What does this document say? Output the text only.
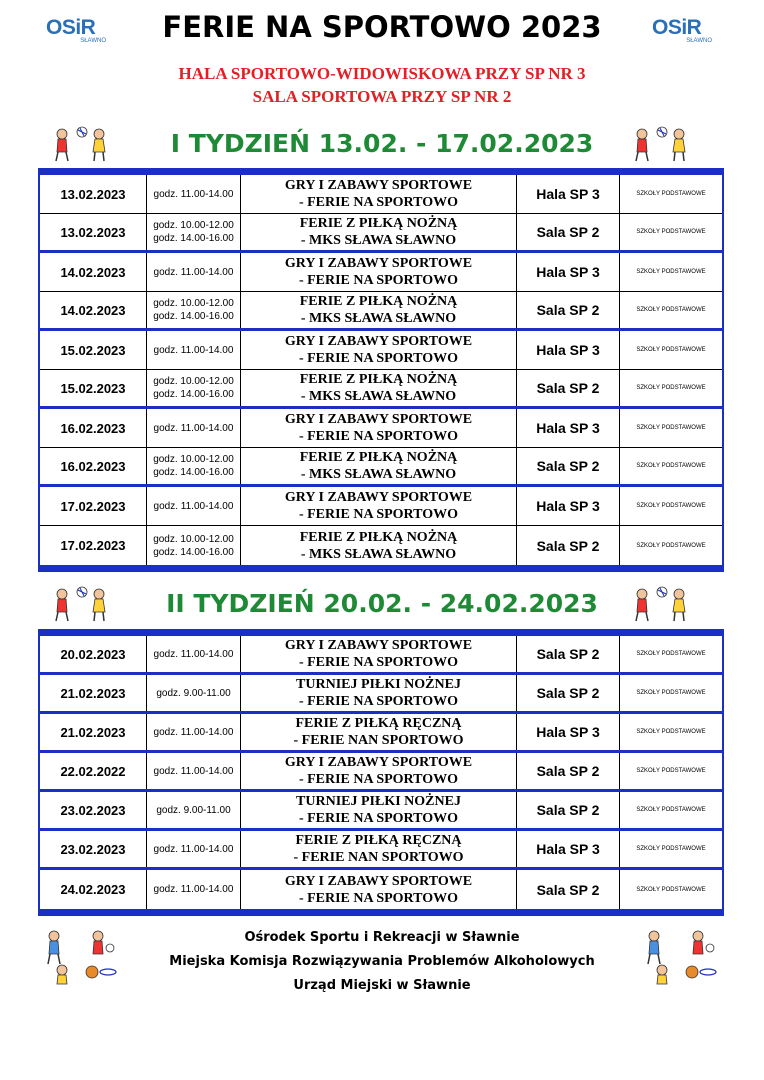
OSiR
SŁAWNO
OSiR
SŁAWNO
FERIE NA SPORTOWO 2023
HALA SPORTOWO-WIDOWISKOWA PRZY SP NR 3
SALA SPORTOWA PRZY SP NR 2
I TYDZIEŃ 13.02. - 17.02.2023
13.02.2023	godz. 11.00-14.00
GRY I ZABAWY SPORTOWE
- FERIE NA SPORTOWO
Hala SP 3	SZKOŁY PODSTAWOWE
13.02.2023	godz. 10.00-12.00
godz. 14.00-16.00
FERIE Z PIŁKĄ NOŻNĄ
- MKS SŁAWA SŁAWNO
Sala SP 2	SZKOŁY PODSTAWOWE
14.02.2023	godz. 11.00-14.00
GRY I ZABAWY SPORTOWE
- FERIE NA SPORTOWO
Hala SP 3	SZKOŁY PODSTAWOWE
14.02.2023	godz. 10.00-12.00
godz. 14.00-16.00
FERIE Z PIŁKĄ NOŻNĄ
- MKS SŁAWA SŁAWNO
Sala SP 2	SZKOŁY PODSTAWOWE
15.02.2023	godz. 11.00-14.00
GRY I ZABAWY SPORTOWE
- FERIE NA SPORTOWO
Hala SP 3	SZKOŁY PODSTAWOWE
15.02.2023	godz. 10.00-12.00
godz. 14.00-16.00
FERIE Z PIŁKĄ NOŻNĄ
- MKS SŁAWA SŁAWNO
Sala SP 2	SZKOŁY PODSTAWOWE
16.02.2023	godz. 11.00-14.00
GRY I ZABAWY SPORTOWE
- FERIE NA SPORTOWO
Hala SP 3	SZKOŁY PODSTAWOWE
16.02.2023	godz. 10.00-12.00
godz. 14.00-16.00
FERIE Z PIŁKĄ NOŻNĄ
- MKS SŁAWA SŁAWNO
Sala SP 2	SZKOŁY PODSTAWOWE
17.02.2023	godz. 11.00-14.00
GRY I ZABAWY SPORTOWE
- FERIE NA SPORTOWO
Hala SP 3	SZKOŁY PODSTAWOWE
17.02.2023	godz. 10.00-12.00
godz. 14.00-16.00
FERIE Z PIŁKĄ NOŻNĄ
- MKS SŁAWA SŁAWNO
Sala SP 2	SZKOŁY PODSTAWOWE
II TYDZIEŃ 20.02. - 24.02.2023
20.02.2023	godz. 11.00-14.00
GRY I ZABAWY SPORTOWE
- FERIE NA SPORTOWO
Sala SP 2	SZKOŁY PODSTAWOWE
21.02.2023	godz. 9.00-11.00
TURNIEJ PIŁKI NOŻNEJ
- FERIE NA SPORTOWO
Sala SP 2	SZKOŁY PODSTAWOWE
21.02.2023	godz. 11.00-14.00
FERIE Z PIŁKĄ RĘCZNĄ
- FERIE NAN SPORTOWO
Hala SP 3	SZKOŁY PODSTAWOWE
22.02.2022	godz. 11.00-14.00
GRY I ZABAWY SPORTOWE
- FERIE NA SPORTOWO
Sala SP 2	SZKOŁY PODSTAWOWE
23.02.2023	godz. 9.00-11.00
TURNIEJ PIŁKI NOŻNEJ
- FERIE NA SPORTOWO
Sala SP 2	SZKOŁY PODSTAWOWE
23.02.2023	godz. 11.00-14.00
FERIE Z PIŁKĄ RĘCZNĄ
- FERIE NAN SPORTOWO
Hala SP 3	SZKOŁY PODSTAWOWE
24.02.2023	godz. 11.00-14.00
GRY I ZABAWY SPORTOWE
- FERIE NA SPORTOWO
Sala SP 2	SZKOŁY PODSTAWOWE
Ośrodek Sportu i Rekreacji w Sławnie
Miejska Komisja Rozwiązywania Problemów Alkoholowych
Urząd Miejski w Sławnie
